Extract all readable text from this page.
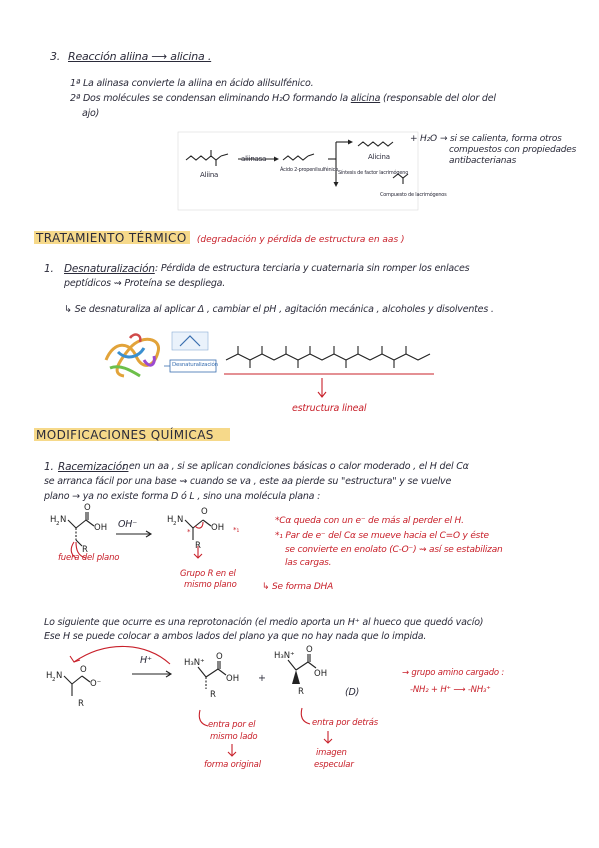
3. Reacción aliina ⟶ alicina .
1ª La alinasa convierte la aliina en ácido alilsulfénico.
2ª Dos molécules se condensan eliminando H₂O formando la alicina (responsable del olor del
ajo)
aliinasa
Aliina
Ácido 2-propenilsulfénico
Alicina
Síntesis de factor lacrimógeno
Compuesto de lacrimógenos
+ H₂O → si se calienta, forma otros
compuestos con propiedades
antibacterianas
TRATAMIENTO TÉRMICO (degradación y pérdida de estructura en aas )
1. Desnaturalización : Pérdida de estructura terciaria y cuaternaria sin romper los enlaces
peptídicos ⇝ Proteína se despliega.
↳ Se desnaturaliza al aplicar Δ , cambiar el pH , agitación mecánica , alcoholes y disolventes .
Desnaturalización
estructura lineal
MODIFICACIONES QUÍMICAS
1. Racemización
: en un aa , si se aplican condiciones básicas o calor moderado , el H del Cα
se arranca fácil por una base ⇝ cuando se va , este aa pierde su "estructura" y se vuelve
plano → ya no existe forma D ó L , sino una molécula plana :
H 2 N
O
OH
R
OH⁻	H 2 N
O
OH
R
*₁
*
fuera del plano
Grupo R en el
mismo plano
*Cα queda con un e⁻ de más al perder el H.
*₁ Par de e⁻ del Cα se mueve hacia el C=O y éste
se convierte en enolato (C-O⁻) ⇝ así se estabilizan
las cargas.
↳ Se forma DHA
Lo siguiente que ocurre es una reprotonación (el medio aporta un H⁺ al hueco que quedó vacío)
Ese H se puede colocar a ambos lados del plano ya que no hay nada que lo impida.
H 2 N
O
O⁻
R
H⁺	H₃N⁺
O
OH
R
+
H₃N⁺
O
OH
R	(D)
→ grupo amino cargado :
-NH₂ + H⁺ ⟶ -NH₃⁺
entra por el
mismo lado
forma original
entra por detrás
imagen
especular
